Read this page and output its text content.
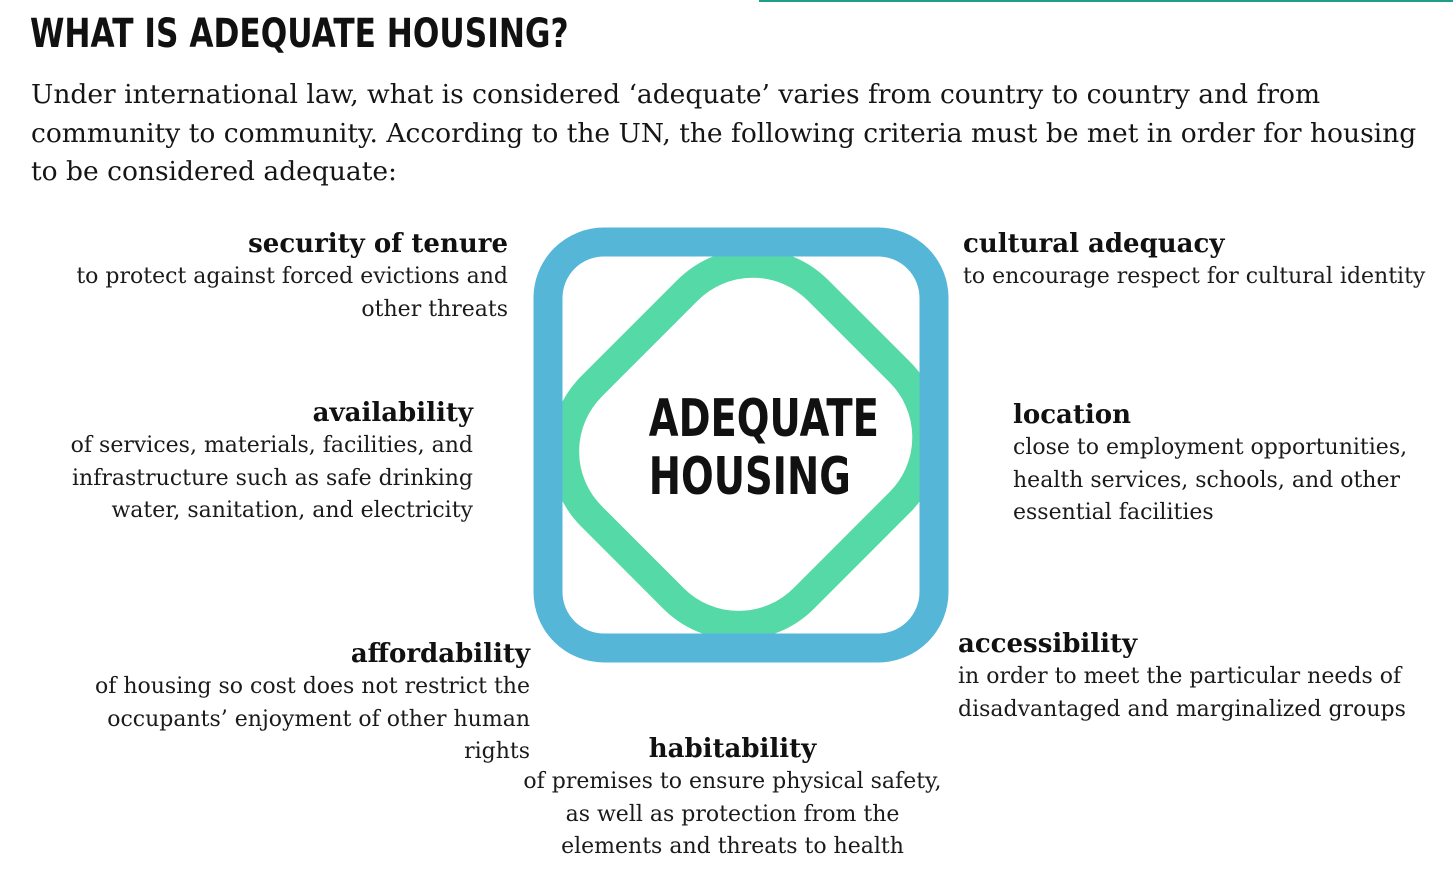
WHAT IS ADEQUATE HOUSING?

Under international law, what is considered ‘adequate’ varies from country to country and from community to community. According to the UN, the following criteria must be met in order for housing to be considered adequate:

ADEQUATE
HOUSING
security of tenure
to protect against forced evictions and other threats
availability
of services, materials, facilities, and infrastructure such as safe drinking water, sanitation, and electricity
affordability
of housing so cost does not restrict the occupants’ enjoyment of other human rights	habitability
of premises to ensure physical safety, as well as protection from the elements and threats to health
accessibility
in order to meet the particular needs of disadvantaged and marginalized groups
location
close to employment opportunities, health services, schools, and other essential facilities
cultural adequacy
to encourage respect for cultural identity
